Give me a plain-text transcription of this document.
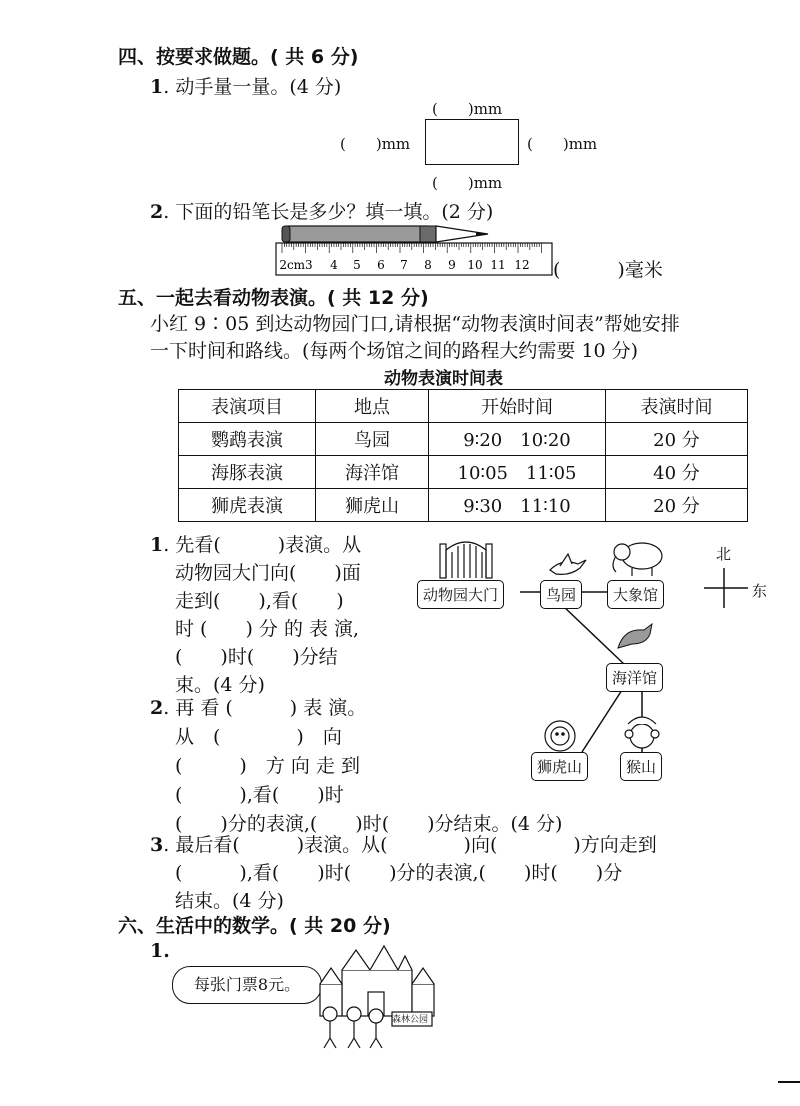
四、按要求做题。( 共 6 分)
1. 动手量一量。(4 分)
(　　)mm
(　　)mm	(　　)mm
(　　)mm
2. 下面的铅笔长是多少？填一填。(2 分)
2cm3 4 5 6 7 8 9 10 11 12 (　　　)毫米
五、一起去看动物表演。( 共 12 分)
小红 9∶05 到达动物园门口,请根据“动物表演时间表”帮她安排
一下时间和路线。(每两个场馆之间的路程大约需要 10 分)
动物表演时间表
表演项目	地点	开始时间	表演时间
鹦鹉表演	鸟园	9∶20　10∶20	20 分
海豚表演	海洋馆	10∶05　11∶05	40 分
狮虎表演	狮虎山	9∶30　11∶10	20 分
1. 先看(　　　)表演。从
动物园大门向(　　)面
走到(　　),看(　　)
时 (　　) 分 的 表 演,
(　　)时(　　)分结
束。(4 分)
2. 再 看 (　　　) 表 演。
从　(　　　　)　向
(　　　)　方 向 走 到
(　　　),看(　　)时
(　　)分的表演,(　　)时(　　)分结束。(4 分)
3. 最后看(　　　)表演。从(　　　　)向(　　　　)方向走到
(　　　),看(　　)时(　　)分的表演,(　　)时(　　)分
结束。(4 分)
动物园大门	鸟园	大象馆
海洋馆
狮虎山	猴山
北
东
六、生活中的数学。( 共 20 分)
1.
每张门票8元。
森林公园
